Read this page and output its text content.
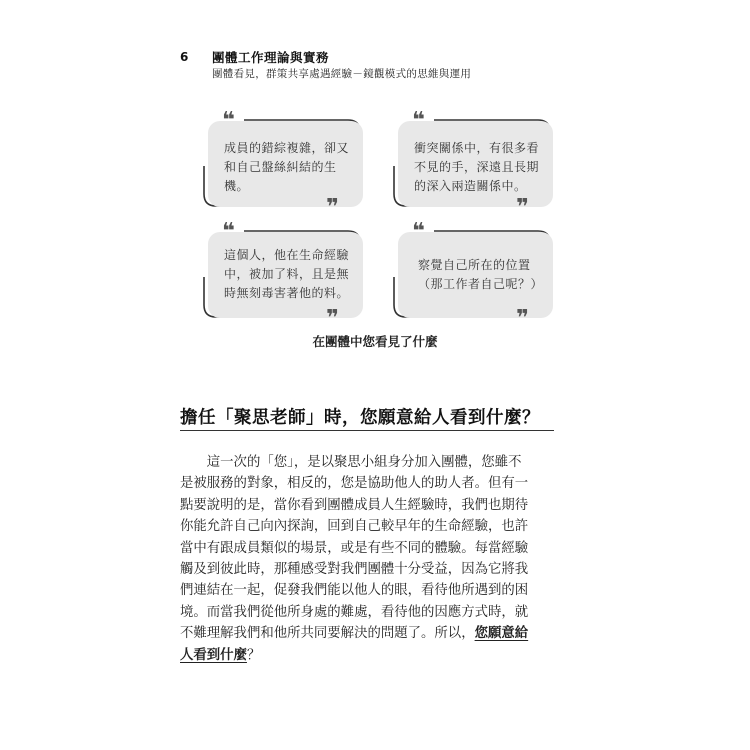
6 團體工作理論與實務
團體看見，群策共享處遇經驗－鏡觀模式的思維與運用
成員的錯綜複雜，卻又
和自己盤絲糾結的生
機。
❝
❞
衝突關係中，有很多看
不見的手，深遠且長期
的深入兩造關係中。
❝
❞
這個人，他在生命經驗
中，被加了料，且是無
時無刻毒害著他的料。
❝
❞
察覺自己所在的位置
（那工作者自己呢？）
❝
❞
在團體中您看見了什麼
擔任「聚思老師」時，您願意給人看到什麼？
　　這一次的「您」，是以聚思小組身分加入團體，您雖不
是被服務的對象，相反的，您是協助他人的助人者。但有一
點要說明的是，當你看到團體成員人生經驗時，我們也期待
你能允許自己向內探詢，回到自己較早年的生命經驗，也許
當中有跟成員類似的場景，或是有些不同的體驗。每當經驗
觸及到彼此時，那種感受對我們團體十分受益，因為它將我
們連結在一起，促發我們能以他人的眼，看待他所遇到的困
境。而當我們從他所身處的難處，看待他的因應方式時，就
不難理解我們和他所共同要解決的問題了。所以，您願意給
人看到什麼？
